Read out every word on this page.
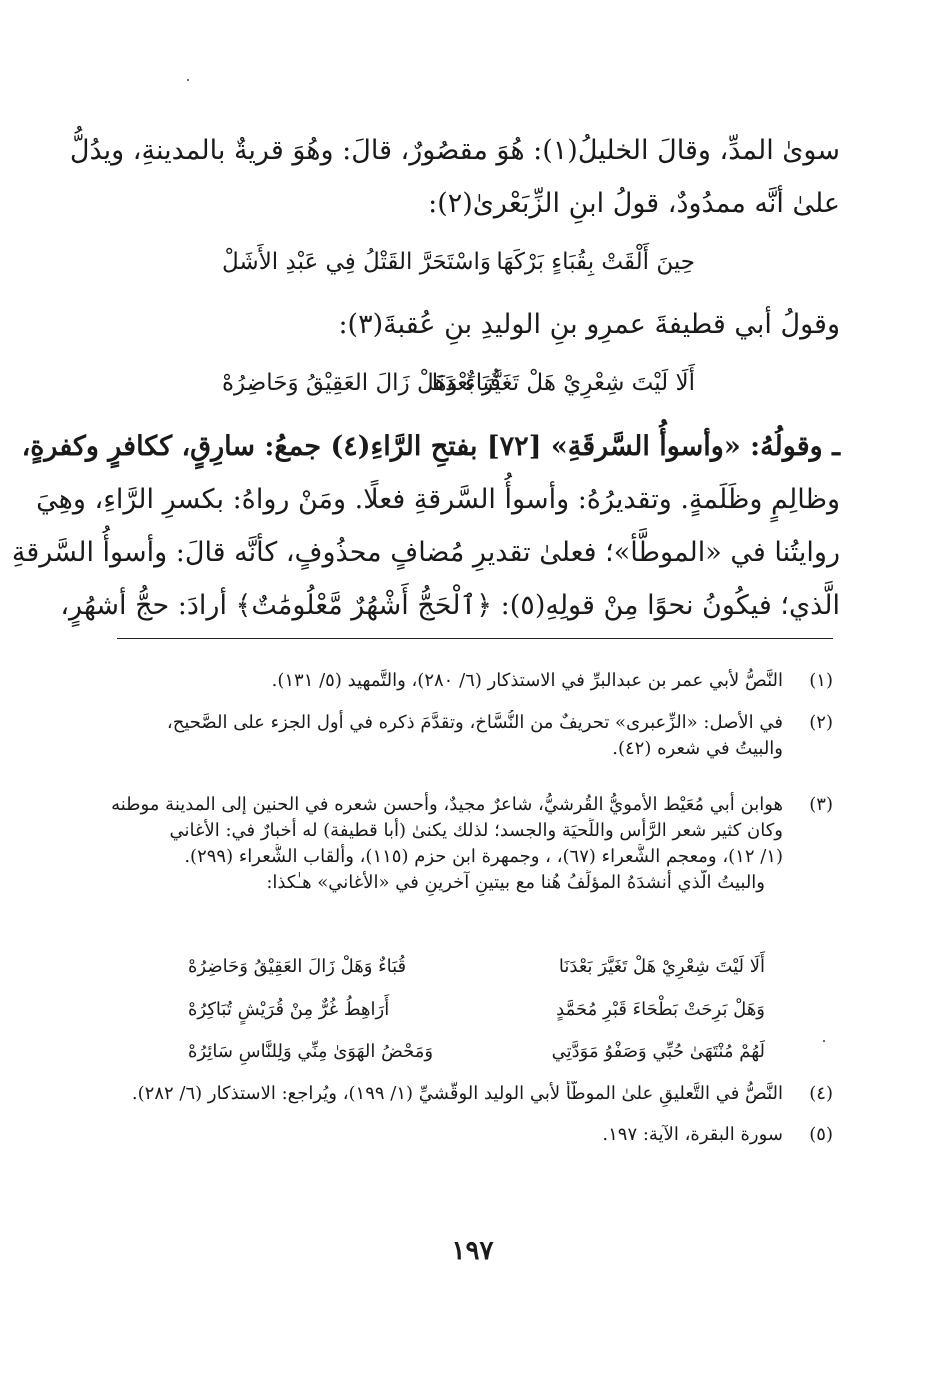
سوىٰ المدِّ، وقالَ الخليلُ(١): هُوَ مقصُورٌ، قالَ: وهُوَ قريةٌ بالمدينةِ، ويدُلُّ
علىٰ أنَّه ممدُودٌ، قولُ ابنِ الزِّبَعْرىٰ(٢):
حِينَ أَلْقَتْ بِقُبَاءٍ بَرْكَهَا
وَاسْتَحَرَّ القَتْلُ فِي عَبْدِ الأَشَلْ
وقولُ أبي قطيفةَ عمرِو بنِ الوليدِ بنِ عُقبةَ(٣):
أَلَا لَيْتَ شِعْرِيْ هَلْ تَغَيَّرَ بَعْدَنَا
قُبَاءٌ وَهَلْ زَالَ العَقِيْقُ وَحَاضِرُهْ
ـ وقولُهُ: «وأسوأُ السَّرقَةِ» [٧٢] بفتحِ الرَّاءِ(٤) جمعُ: سارِقٍ، ككافرٍ وكفرةٍ،
وظالِمٍ وظَلَمةٍ. وتقديرُهُ: وأسوأُ السَّرقةِ فعلًا. ومَنْ رواهُ: بكسرِ الرَّاءِ، وهِيَ
روايتُنا في «الموطَّأ»؛ فعلىٰ تقديرِ مُضافٍ محذُوفٍ، كأنَّه قالَ: وأسوأُ السَّرقةِ
الَّذي؛ فيكُونُ نحوًا مِنْ قولِهِ(٥): ﴿ٱلْحَجُّ أَشْهُرٌ مَّعْلُومَٰتٌ﴾ أرادَ: حجُّ أشهُرٍ،
(١)
النَّصُّ لأبي عمر بن عبدالبرِّ في الاستذكار (٦/ ٢٨٠)، والتَّمهيد (٥/ ١٣١).
(٢)
في الأصل: «الزِّعبرى» تحريفٌ من النُّسَّاخ، وتقدَّمَ ذكره في أول الجزء على الصَّحيح،
والبيتُ في شعره (٤٢).
(٣)
هوابن أبي مُعَيْط الأمويُّ القُرشيُّ، شاعرٌ مجيدٌ، وأحسن شعره في الحنين إلى المدينة موطنه
وكان كثير شعر الرَّأس واللِّحيَة والجسد؛ لذلك يكنىٰ (أبا قطيفة) له أخبارٌ في: الأغاني
(١/ ١٢)، ومعجم الشُّعراء (٦٧)، ، وجمهرة ابن حزم (١١٥)، وألقاب الشُّعراء (٢٩٩).
والبيتُ الَّذي أنشدَهُ المؤلِّفُ هُنا مع بيتينِ آخرينِ في «الأغاني» هـٰكذا:
أَلَا لَيْتَ شِعْرِيْ هَلْ تَغَيَّرَ بَعْدَنَا
قُبَاءٌ وَهَلْ زَالَ العَقِيْقُ وَحَاضِرُهْ
وَهَلْ بَرِحَتْ بَطْحَاءَ قَبْرِ مُحَمَّدٍ
أَرَاهِطُ غُرٌّ مِنْ قُرَيْشٍ تُبَاكِرُهْ
لَهُمْ مُنْتَهَىٰ حُبِّي وَصَفْوُ مَوَدَّتِي
وَمَحْضُ الهَوَىٰ مِنِّي وَلِلنَّاسِ سَائِرُهْ
(٤)
النَّصُّ في التَّعليقِ علىٰ الموطَّأ لأبي الوليد الوقَّشيِّ (١/ ١٩٩)، ويُراجع: الاستذكار (٦/ ٢٨٢).
(٥)
سورة البقرة، الآية: ١٩٧.
١٩٧
